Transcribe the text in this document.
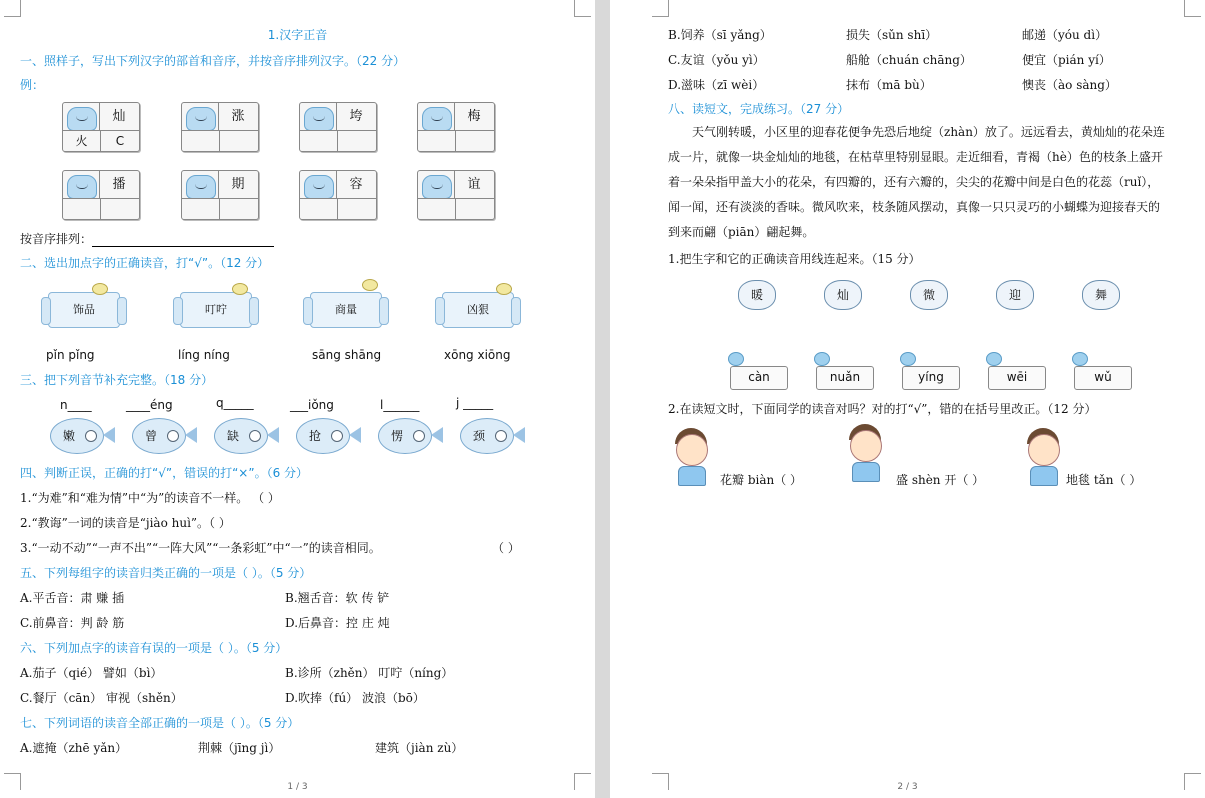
1.汉字正音
一、照样子，写出下列汉字的部首和音序，并按音序排列汉字。（22 分）
例：
灿
火	C
涨	垮	梅
播	期	容	谊
按音序排列：
二、选出加点字的正确读音，打“√”。（12 分）
饰品	叮咛	商量	凶狠
pǐn pǐng	líng níng	sāng shāng	xōng xiōng
三、把下列音节补充完整。（18 分）
n____	____éng	q_____	___iǒng	l______	j _____
嫩	曾	缺	抢	愣	颈
四、判断正误，正确的打“√”，错误的打“×”。（6 分）
1.“为难”和“难为情”中“为”的读音不一样。 （ ）
2.“教诲”一词的读音是“jiào huì”。（ ）
3.“一动不动”“一声不出”“一阵大风”“一条彩虹”中“一”的读音相同。	（ ）
五、下列每组字的读音归类正确的一项是（ ）。（5 分）
A.平舌音：肃 赚 插	B.翘舌音：软 传 铲
C.前鼻音：判 龄 筋	D.后鼻音：控 庄 炖
六、下列加点字的读音有误的一项是（ ）。（5 分）
A.茄子（qié） 譬如（bì）	B.诊所（zhěn） 叮咛（níng）
C.餐厅（cān） 审视（shěn）	D.吹捧（fú） 波浪（bō）
七、下列词语的读音全部正确的一项是（ ）。（5 分）
A.遮掩（zhē yǎn）	荆棘（jīng jì）	建筑（jiàn zù）
1 / 3	2 / 3
B.饲养（sī yǎng）	损失（sǔn shī）	邮递（yóu dì）
C.友谊（yǒu yì）	船舱（chuán chāng）	便宜（pián yí）
D.滋味（zī wèi）	抹布（mā bù）	懊丧（ào sàng）
八、读短文，完成练习。（27 分）
天气刚转暖，小区里的迎春花便争先恐后地绽（zhàn）放了。远远看去，黄灿灿的花朵连
成一片，就像一块金灿灿的地毯，在枯草里特别显眼。走近细看，青褐（hè）色的枝条上盛开
着一朵朵指甲盖大小的花朵，有四瓣的，还有六瓣的，尖尖的花瓣中间是白色的花蕊（ruǐ），
闻一闻，还有淡淡的香味。微风吹来，枝条随风摆动，真像一只只灵巧的小蝴蝶为迎接春天的
到来而翩（piān）翩起舞。
1.把生字和它的正确读音用线连起来。（15 分）
暖	灿	微	迎	舞
càn	nuǎn	yíng	wēi	wǔ
2.在读短文时，下面同学的读音对吗？对的打“√”，错的在括号里改正。（12 分）
花瓣 biàn（ ）	盛 shèn 开（ ）	地毯 tǎn（ ）
